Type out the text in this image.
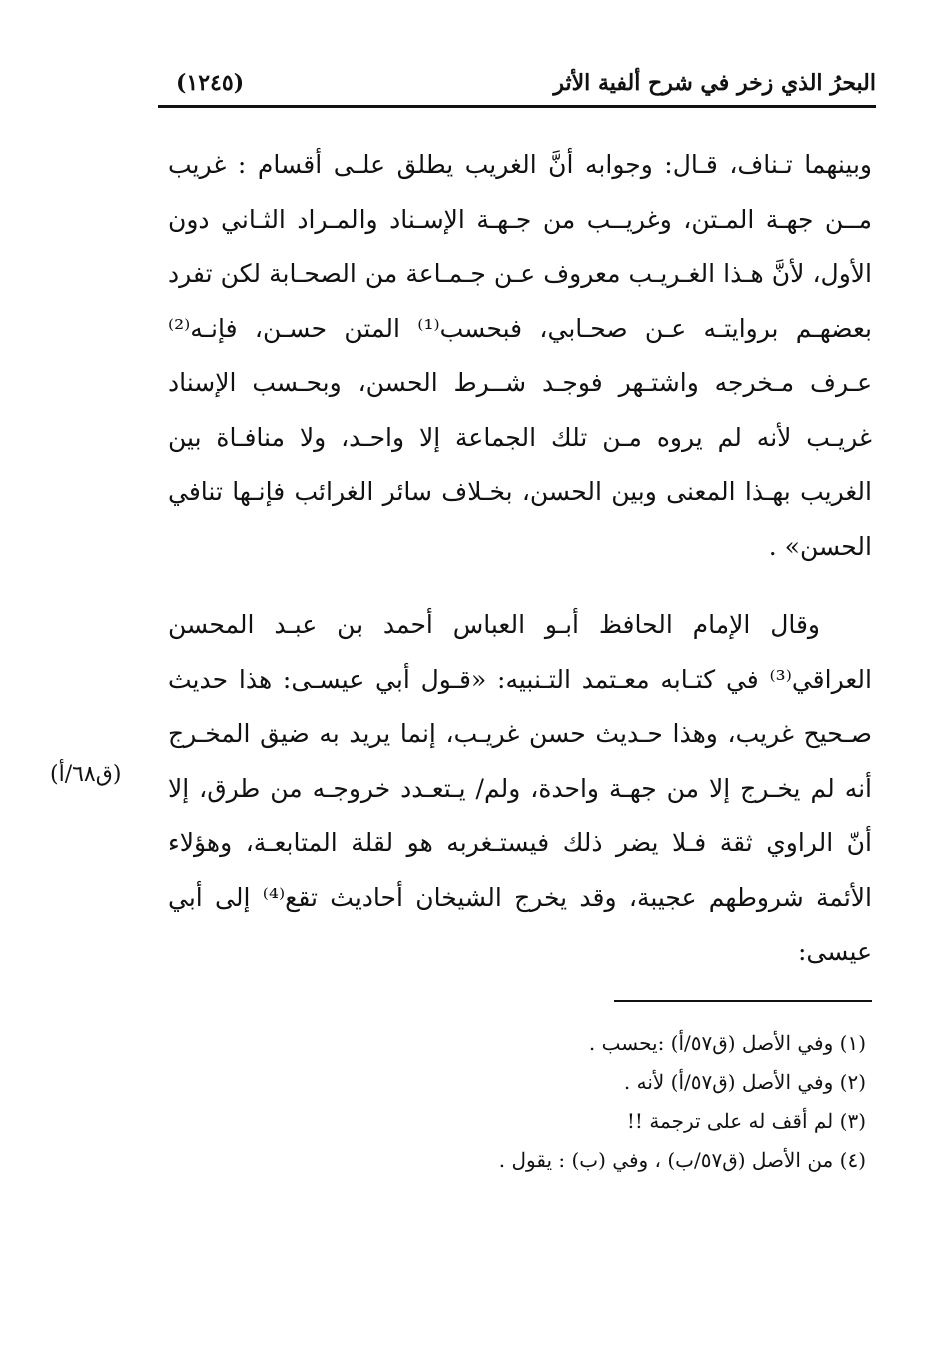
البحرُ الذي زخر في شرح ألفية الأثر
(١٢٤٥)

وبينهما تـناف، قـال: وجوابه أنَّ الغريب يطلق علـى أقسام : غريب مــن جهـة المـتن، وغريــب من جـهـة الإسـناد والمـراد الثـاني دون الأول، لأنَّ هـذا الغـريـب معروف عـن جـمـاعة من الصحـابة لكن تفرد بعضهـم بروايتـه عـن صحـابي، فبحسب⁽¹⁾ المتن حسـن، فإنـه⁽²⁾ عـرف مـخرجه واشتـهر فوجـد شــرط الحسن، وبحـسب الإسناد غريـب لأنه لم يروه مـن تلك الجماعة إلا واحـد، ولا منافـاة بين الغريب بهـذا المعنى وبين الحسن، بخـلاف سائر الغرائب فإنـها تنافي الحسن» .

وقال الإمام الحافظ أبـو العباس أحمد بن عبـد المحسن العراقي⁽³⁾ في كتـابه معـتمد التـنبيه: «قـول أبي عيسـى: هذا حديث صـحيح غريب، وهذا حـديث حسن غريـب، إنما يريد به ضيق المخـرج أنه لم يخـرج إلا من جهـة واحدة، ولم/ يـتعـدد خروجـه من طرق، إلا أنّ الراوي ثقة فـلا يضر ذلك فيستـغربه هو لقلة المتابعـة، وهؤلاء الأئمة شروطهم عجيبة، وقد يخرج الشيخان أحاديث تقع⁽⁴⁾ إلى أبي عيسى:

(ق٦٨/أ)
(١) وفي الأصل (ق٥٧/أ) :يحسب .
(٢) وفي الأصل (ق٥٧/أ) لأنه .
(٣) لم أقف له على ترجمة !!
(٤) من الأصل (ق٥٧/ب) ، وفي (ب) : يقول .
